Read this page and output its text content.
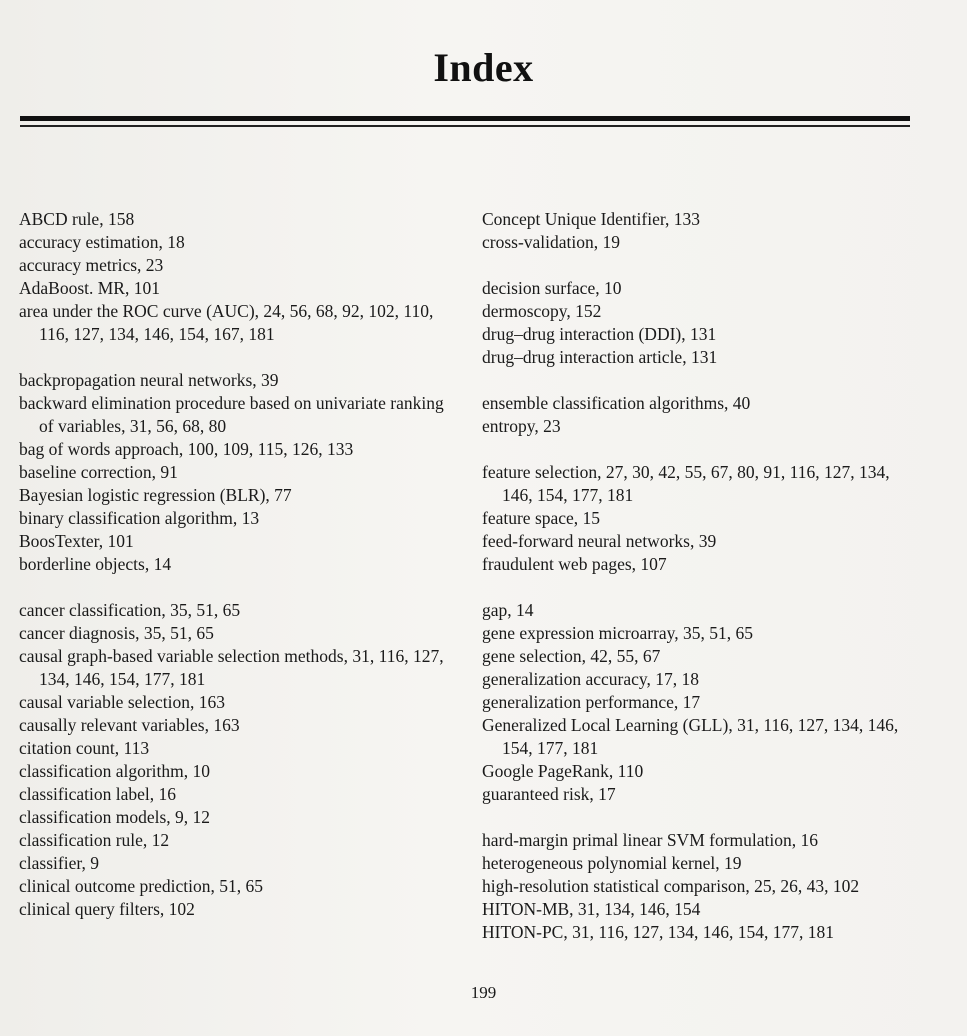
Index

ABCD rule, 158

accuracy estimation, 18

accuracy metrics, 23

AdaBoost. MR, 101

area under the ROC curve (AUC), 24, 56, 68, 92, 102, 110, 116, 127, 134, 146, 154, 167, 181

backpropagation neural networks, 39

backward elimination procedure based on univariate ranking of variables, 31, 56, 68, 80

bag of words approach, 100, 109, 115, 126, 133

baseline correction, 91

Bayesian logistic regression (BLR), 77

binary classification algorithm, 13

BoosTexter, 101

borderline objects, 14

cancer classification, 35, 51, 65

cancer diagnosis, 35, 51, 65

causal graph-based variable selection methods, 31, 116, 127, 134, 146, 154, 177, 181

causal variable selection, 163

causally relevant variables, 163

citation count, 113

classification algorithm, 10

classification label, 16

classification models, 9, 12

classification rule, 12

classifier, 9

clinical outcome prediction, 51, 65

clinical query filters, 102

Concept Unique Identifier, 133

cross-validation, 19

decision surface, 10

dermoscopy, 152

drug–drug interaction (DDI), 131

drug–drug interaction article, 131

ensemble classification algorithms, 40

entropy, 23

feature selection, 27, 30, 42, 55, 67, 80, 91, 116, 127, 134, 146, 154, 177, 181

feature space, 15

feed-forward neural networks, 39

fraudulent web pages, 107

gap, 14

gene expression microarray, 35, 51, 65

gene selection, 42, 55, 67

generalization accuracy, 17, 18

generalization performance, 17

Generalized Local Learning (GLL), 31, 116, 127, 134, 146, 154, 177, 181

Google PageRank, 110

guaranteed risk, 17

hard-margin primal linear SVM formulation, 16

heterogeneous polynomial kernel, 19

high-resolution statistical comparison, 25, 26, 43, 102

HITON-MB, 31, 134, 146, 154

HITON-PC, 31, 116, 127, 134, 146, 154, 177, 181

199
